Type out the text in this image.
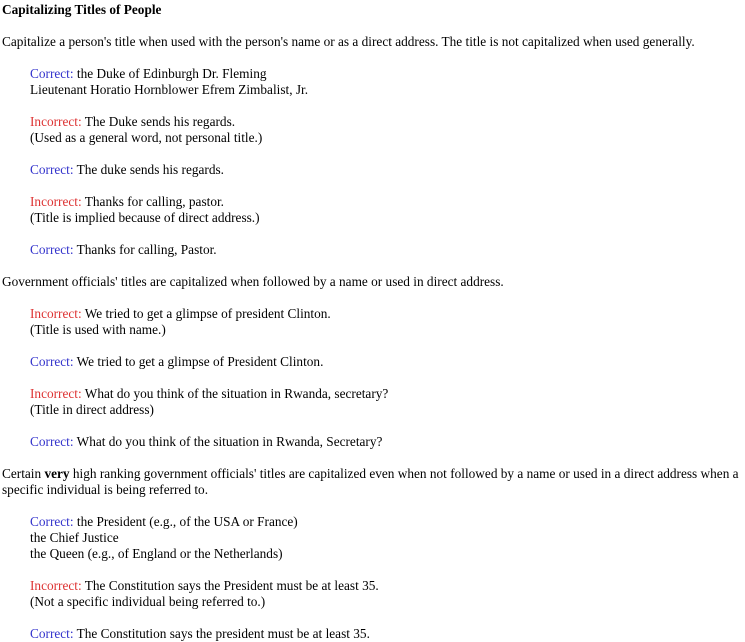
Capitalizing Titles of People

Capitalize a person's title when used with the person's name or as a direct address. The title is not capitalized when used generally.

Correct: the Duke of Edinburgh Dr. Fleming
Lieutenant Horatio Hornblower Efrem Zimbalist, Jr.
Incorrect: The Duke sends his regards.
(Used as a general word, not personal title.)
Correct: The duke sends his regards.
Incorrect: Thanks for calling, pastor.
(Title is implied because of direct address.)
Correct: Thanks for calling, Pastor.

Government officials' titles are capitalized when followed by a name or used in direct address.

Incorrect: We tried to get a glimpse of president Clinton.
(Title is used with name.)
Correct: We tried to get a glimpse of President Clinton.
Incorrect: What do you think of the situation in Rwanda, secretary?
(Title in direct address)
Correct: What do you think of the situation in Rwanda, Secretary?

Certain very high ranking government officials' titles are capitalized even when not followed by a name or used in a direct address when a specific individual is being referred to.

Correct: the President (e.g., of the USA or France)
the Chief Justice
the Queen (e.g., of England or the Netherlands)
Incorrect: The Constitution says the President must be at least 35.
(Not a specific individual being referred to.)
Correct: The Constitution says the president must be at least 35.
